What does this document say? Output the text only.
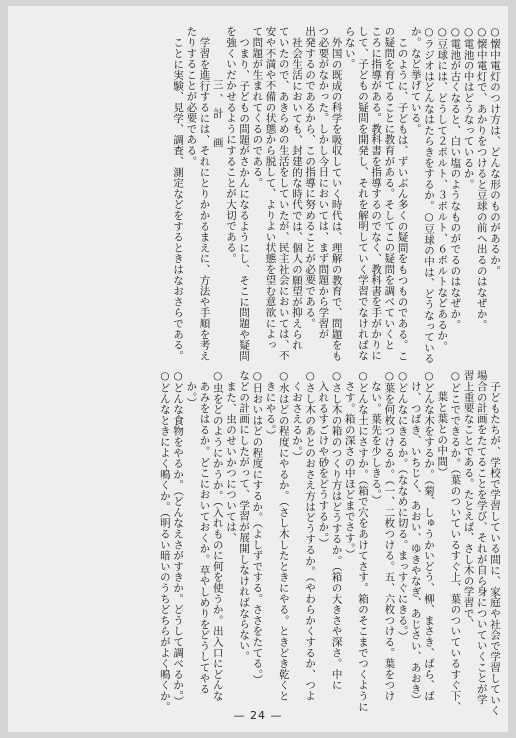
○懐中電灯のつけ方は、どんな形のものがあるか。

○懐中電灯で、あかりをつけると豆球の前へ出るのはなぜか。

○電池の中はどうなっているか。

○電池が古くなると、白い塩のようなものがでるのはなぜか。

○豆球には、どうして２ボルト、３ボルト、６ボルトなどあるか。

○ラジオはどんなはたらきをするか。○豆球の中は、どうなっている

か。など挙げている。

このように、子どもは、ずいぶん多くの疑問をもつものである。こ

の疑問を育てることに教育がある。そしてこの疑問を調べていくと

ころに指導がある。教科書を指導するのでなく、教科書を手がかりに

して、子どもの疑問を開発し、それを解明していく学習でなければな

らない。

外国の既成の科学を吸収していく時代は、理解の教育で、問題をも

つ必要がなかった。しかし今日においては、まず問題から学習が

出発するのであるから、この指導に努めることが必要である。

社会生活においても、封建的な時代では、個人の願望が抑えられ

ていたので、あきらめの生活をしていたが、民主社会においては、不

安や不満や不備の状態から脱して、よりよい状態を望む意欲によっ

て問題が生まれてくるのである。

つまり、子どもの問題がさかんになるようにし、そこに問題や疑問

を強くいだかせるようにすることが大切である。

三、計　画

学習を進行するには、それにとりかかるまえに、方法や手順を考え

たりすることが必要である。

ことに実験、見学、調査、測定などをするときはなおさらである。

子どもたちが、学校で学習している間に、家庭や社会で学習していく

場合の計画をたてることを学び、それが自ら身についていくことが学

習上重要なことである。たとえば、さし木の学習で、

○どこでできるか。（葉のついているすぐ上、葉のついているすぐ下、

葉と葉との中間）

○どんな木をするか。（菊、しゅうかいどう、柳、まさき、ばら、ば

け、つばき、いちじく、あおい、ゆきやなぎ、あじさい、あおき）

○どんなにきるか。（ななめに切る。まっすぐにきる。）

○葉を何枚つけるか。（一、二枚つける。五、六枚つける。葉をつけ

ない。葉先を少しきる。）

○どんな土にさすか。（箱で穴をあけてさす。箱のそこまでつくように

さす。箱の深さの中ほどまでさす。）

○さし木の箱のつくり方はどうするか。（箱の大きさや深さ。中に

入れるすごけや砂をどうするか。）

○さし木のあとのおさえ方はどうするか。（やわらかくするか、つよ

くおさえるか。）

○水はどの程度にやるか。（さし木したときにやる。ときどき乾くと

きにやる。）

○日おいはどの程度にするか。（よしずでする。ささをたてる。）

などの計画にしたがって、学習が展開しなければならない。

また、虫のせいかつについては、

○虫をどのようにかうか。（入れものに何を使うか。出入口にどんな

あみをはるか。どこにおいておくか。草やしめりをどうしてやる

か。）

○どんな食物をやるか。（どんなえさがすきか。どうして調べるか。）

○どんなときによく鳴くか。（明るい暗いのうちどちらがよく鳴くか。

— 24 —
